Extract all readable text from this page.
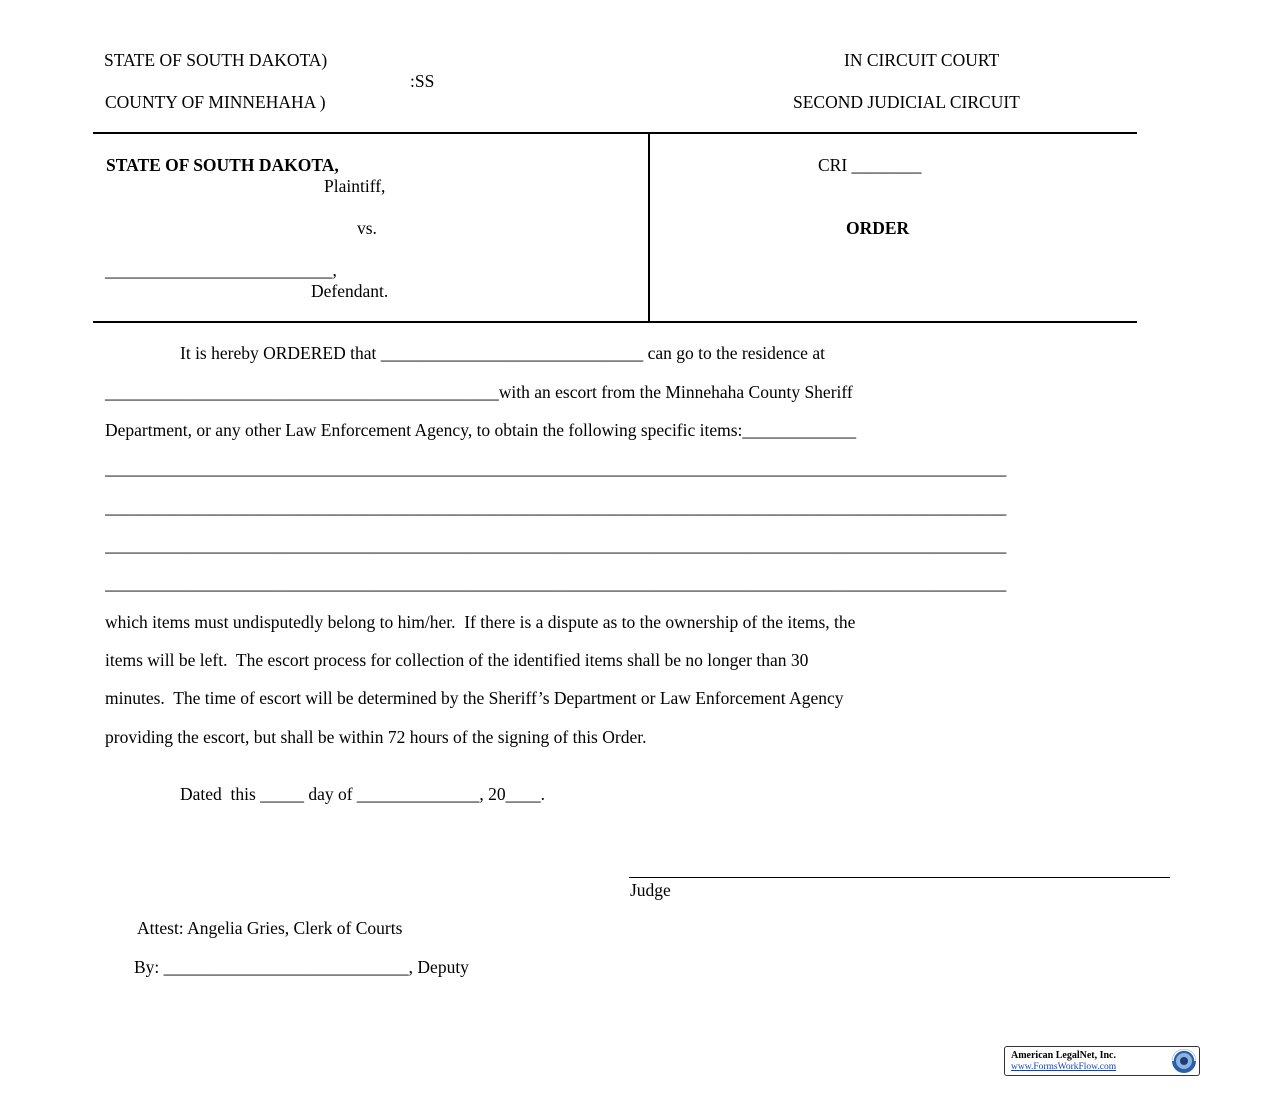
STATE OF SOUTH DAKOTA)
:SS
COUNTY OF MINNEHAHA )
IN CIRCUIT COURT
SECOND JUDICIAL CIRCUIT
STATE OF SOUTH DAKOTA,
Plaintiff,
vs.
__________________________,
Defendant.
CRI ________
ORDER
It is hereby ORDERED that ______________________________ can go to the residence at
_____________________________________________with an escort from the Minnehaha County Sheriff
Department, or any other Law Enforcement Agency, to obtain the following specific items:_____________
_______________________________________________________________________________________________________
_______________________________________________________________________________________________________
_______________________________________________________________________________________________________
_______________________________________________________________________________________________________
which items must undisputedly belong to him/her.  If there is a dispute as to the ownership of the items, the
items will be left.  The escort process for collection of the identified items shall be no longer than 30
minutes.  The time of escort will be determined by the Sheriff’s Department or Law Enforcement Agency
providing the escort, but shall be within 72 hours of the signing of this Order.
Dated  this _____ day of ______________, 20____.
Judge
Attest: Angelia Gries, Clerk of Courts
By: ____________________________, Deputy
American LegalNet, Inc.
www.FormsWorkFlow.com
